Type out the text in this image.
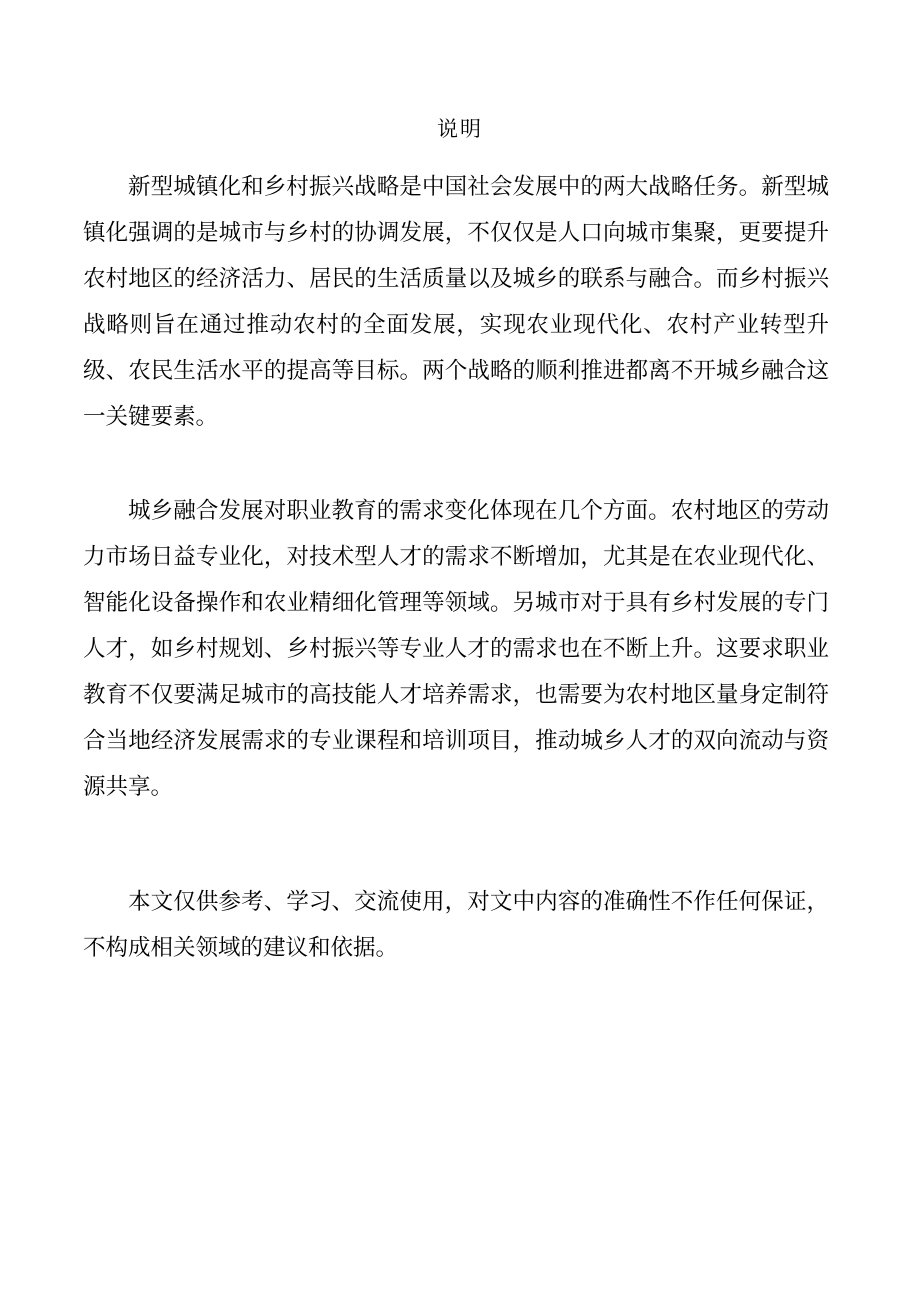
说明

新型城镇化和乡村振兴战略是中国社会发展中的两大战略任务。新型城镇化强调的是城市与乡村的协调发展，不仅仅是人口向城市集聚，更要提升农村地区的经济活力、居民的生活质量以及城乡的联系与融合。而乡村振兴战略则旨在通过推动农村的全面发展，实现农业现代化、农村产业转型升级、农民生活水平的提高等目标。两个战略的顺利推进都离不开城乡融合这一关键要素。

城乡融合发展对职业教育的需求变化体现在几个方面。农村地区的劳动力市场日益专业化，对技术型人才的需求不断增加，尤其是在农业现代化、智能化设备操作和农业精细化管理等领域。另城市对于具有乡村发展的专门人才，如乡村规划、乡村振兴等专业人才的需求也在不断上升。这要求职业教育不仅要满足城市的高技能人才培养需求，也需要为农村地区量身定制符合当地经济发展需求的专业课程和培训项目，推动城乡人才的双向流动与资源共享。

本文仅供参考、学习、交流使用，对文中内容的准确性不作任何保证，不构成相关领域的建议和依据。
